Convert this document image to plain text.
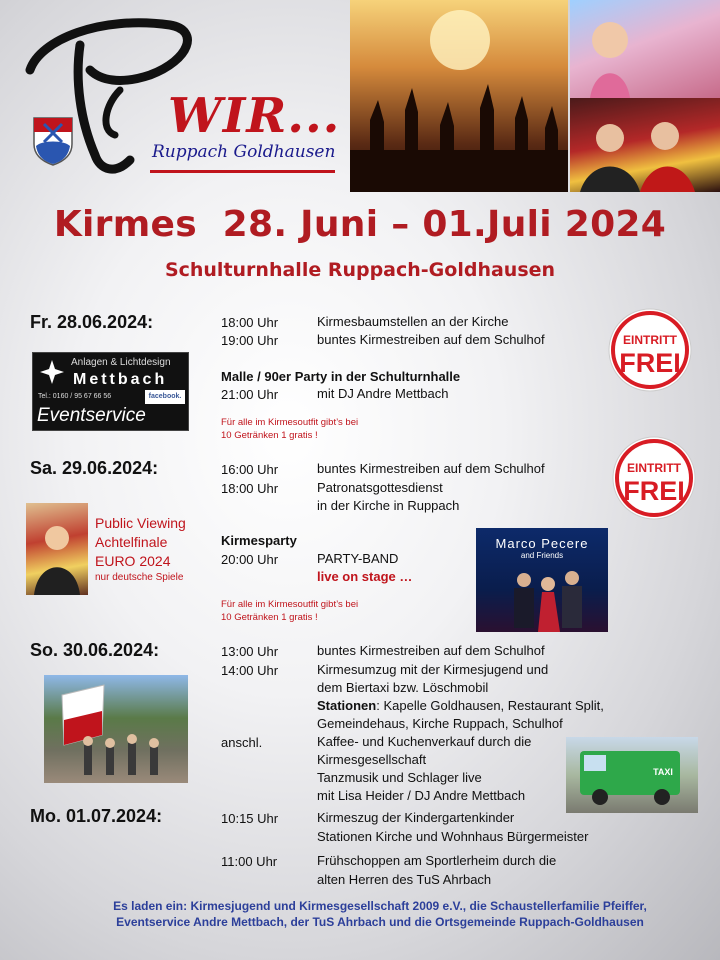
WIR...
Ruppach Goldhausen
Kirmes  28. Juni – 01.Juli 2024
Schulturnhalle Ruppach-Goldhausen
Fr. 28.06.2024:	18:00 Uhr	Kirmesbaumstellen an der Kirche
19:00 Uhr	buntes Kirmestreiben auf dem Schulhof
Malle / 90er Party in der Schulturnhalle
21:00 Uhr	mit DJ Andre Mettbach
Für alle im Kirmesoutfit gibt’s bei
10 Getränken 1 gratis !
EINTRITT
FREI
Anlagen & Lichtdesign
Mettbach
Tel.: 0160 / 95 67 66 56	facebook.
Eventservice
Sa. 29.06.2024:	16:00 Uhr	buntes Kirmestreiben auf dem Schulhof
18:00 Uhr	Patronatsgottesdienst
in der Kirche in Ruppach
Kirmesparty
20:00 Uhr	PARTY-BAND
live on stage …
Für alle im Kirmesoutfit gibt’s bei
10 Getränken 1 gratis !
EINTRITT
FREI
Public Viewing
Achtelfinale
EURO 2024
nur deutsche Spiele
Marco Pecere
and Friends
So. 30.06.2024:	13:00 Uhr	buntes Kirmestreiben auf dem Schulhof
14:00 Uhr	Kirmesumzug mit der Kirmesjugend und
dem Biertaxi bzw. Löschmobil
Stationen: Kapelle Goldhausen, Restaurant Split,
Gemeindehaus, Kirche Ruppach, Schulhof
anschl.	Kaffee- und Kuchenverkauf durch die
Kirmesgesellschaft
Tanzmusik und Schlager live
mit Lisa Heider / DJ Andre Mettbach
TAXI
Mo. 01.07.2024:	10:15 Uhr	Kirmeszug der Kindergartenkinder
Stationen Kirche und Wohnhaus Bürgermeister
11:00 Uhr	Frühschoppen am Sportlerheim durch die
alten Herren des TuS Ahrbach
Es laden ein: Kirmesjugend und Kirmesgesellschaft 2009 e.V., die Schaustellerfamilie Pfeiffer,
Eventservice Andre Mettbach, der TuS Ahrbach und die Ortsgemeinde Ruppach-Goldhausen
